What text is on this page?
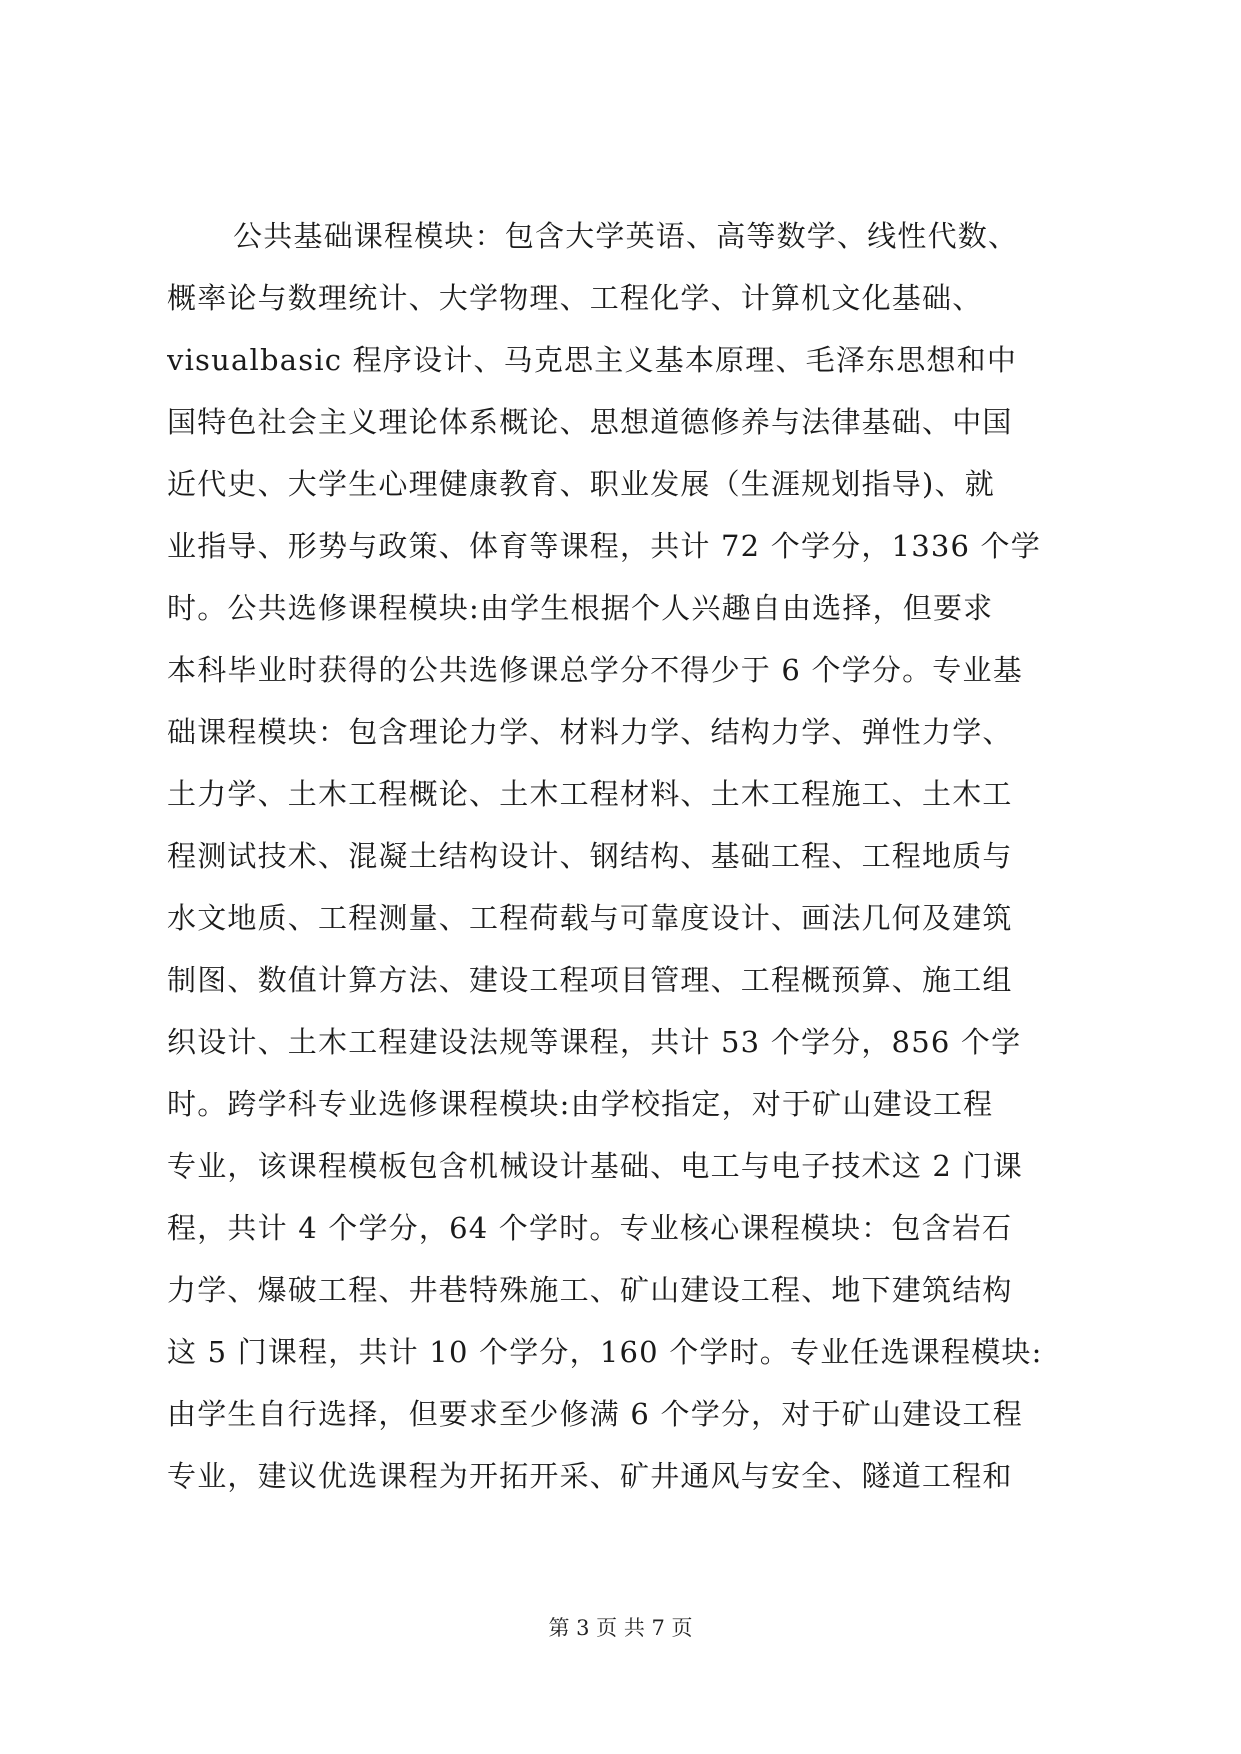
公共基础课程模块：包含大学英语、高等数学、线性代数、
概率论与数理统计、大学物理、工程化学、计算机文化基础、
visualbasic 程序设计、马克思主义基本原理、毛泽东思想和中
国特色社会主义理论体系概论、思想道德修养与法律基础、中国
近代史、大学生心理健康教育、职业发展（生涯规划指导)、就
业指导、形势与政策、体育等课程，共计 72 个学分，1336 个学
时。公共选修课程模块:由学生根据个人兴趣自由选择，但要求
本科毕业时获得的公共选修课总学分不得少于 6 个学分。专业基
础课程模块：包含理论力学、材料力学、结构力学、弹性力学、
土力学、土木工程概论、土木工程材料、土木工程施工、土木工
程测试技术、混凝土结构设计、钢结构、基础工程、工程地质与
水文地质、工程测量、工程荷载与可靠度设计、画法几何及建筑
制图、数值计算方法、建设工程项目管理、工程概预算、施工组
织设计、土木工程建设法规等课程，共计 53 个学分，856 个学
时。跨学科专业选修课程模块:由学校指定，对于矿山建设工程
专业，该课程模板包含机械设计基础、电工与电子技术这 2 门课
程，共计 4 个学分，64 个学时。专业核心课程模块：包含岩石
力学、爆破工程、井巷特殊施工、矿山建设工程、地下建筑结构
这 5 门课程，共计 10 个学分，160 个学时。专业任选课程模块:
由学生自行选择，但要求至少修满 6 个学分，对于矿山建设工程
专业，建议优选课程为开拓开采、矿井通风与安全、隧道工程和
第 3 页 共 7 页
